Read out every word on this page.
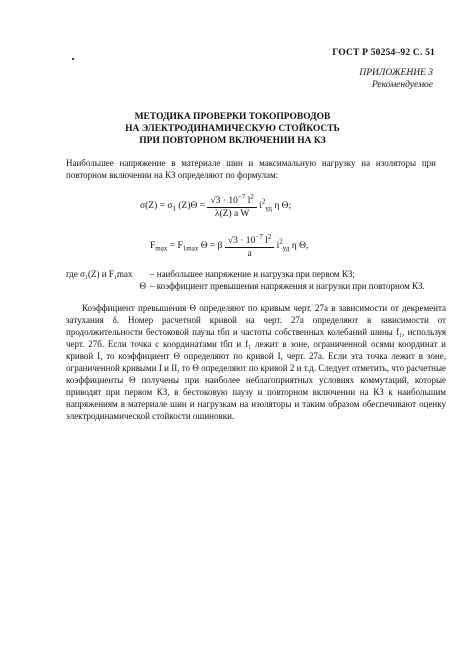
ГОСТ Р 50254–92 С. 51
ПРИЛОЖЕНИЕ 3
Рекомендуемое
МЕТОДИКА ПРОВЕРКИ ТОКОПРОВОДОВ
НА ЭЛЕКТРОДИНАМИЧЕСКУЮ СТОЙКОСТЬ
ПРИ ПОВТОРНОМ ВКЛЮЧЕНИИ НА КЗ
Наибольшее напряжение в материале шин и максимальную нагрузку на изоляторы при повторном включении на КЗ определяют по формулам:
$\sigma(Z) = \sigma_1$ $(Z)\Theta = \frac{√3 \cdot 10^{-7} l^2}{\text{λ(Z) a W}} i^2_{уд}$ η Θ;
$F_{max} = F_{1max}$ Θ = β $\frac{√3 \cdot 10^{-7} l^2}{a} i^2_{уд}$ η Θ,
где σ₁(Z) и F₁max	– наибольшее напряжение и нагрузка при первом КЗ;
Θ – коэффициент превышения напряжения и нагрузки при повторном КЗ.
Коэффициент превышения Θ определяют по кривым черт. 27а в зависимости от декремента затухания δ. Номер расчетной кривой на черт. 27а определяют в зависимости от продолжительности бестоковой паузы tбп и частоты собственных колебаний шины f₁, используя черт. 27б. Если точка с координатами tбп и f₁ лежит в зоне, ограниченной осями координат и кривой I, то коэффициент Θ определяют по кривой I, черт. 27а. Если эта точка лежит в зоне, ограниченной кривыми I и II, то Θ определяют по кривой 2 и т.д. Следует отметить, что расчетные коэффициенты Θ получены при наиболее неблагоприятных условиях коммутаций, которые приводят при первом КЗ, в бестоковую паузу и повторном включении на КЗ к наибольшим напряжениям в материале шин и нагрузкам на изоляторы и таким образом обеспечивают оценку электродинамической стойкости ошиновки.
